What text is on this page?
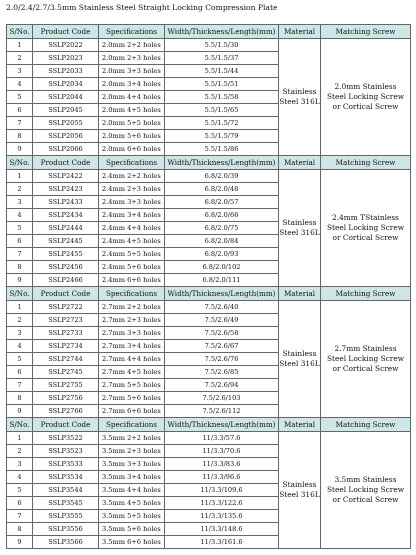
2.0/2.4/2.7/3.5mm Stainless Steel Straight Locking Compression Plate
S/No.	Product Code	Specifications	Width/Thickness/Length(mm)	Material	Matching Screw
1	SSLP2022	2.0mm 2+2 holes	5.5/1.5/30	Stainless Steel 316L	2.0mm Stainless Steel Locking Screw or Cortical Screw
2	SSLP2023	2.0mm 2+3 holes	5.5/1.5/37		
3	SSLP2033	2.0mm 3+3 holes	5.5/1.5/44		
4	SSLP2034	2.0mm 3+4 holes	5.5/1.5/51		
5	SSLP2044	2.0mm 4+4 holes	5.5/1.5/58		
6	SSLP2045	2.0mm 4+5 holes	5.5/1.5/65		
7	SSLP2055	2.0mm 5+5 holes	5.5/1.5/72		
8	SSLP2056	2.0mm 5+6 holes	5.5/1.5/79		
9	SSLP2066	2.0mm 6+6 holes	5.5/1.5/86		
S/No.	Product Code	Specifications	Width/Thickness/Length(mm)	Material	Matching Screw
1	SSLP2422	2.4mm 2+2 holes	6.8/2.0/39	Stainless Steel 316L	2.4mm TStainless Steel Locking Screw or Cortical Screw
2	SSLP2423	2.4mm 2+3 holes	6.8/2.0/48		
3	SSLP2433	2.4mm 3+3 holes	6.8/2.0/57		
4	SSLP2434	2.4mm 3+4 holes	6.8/2.0/66		
5	SSLP2444	2.4mm 4+4 holes	6.8/2.0/75		
6	SSLP2445	2.4mm 4+5 holes	6.8/2.0/84		
7	SSLP2455	2.4mm 5+5 holes	6.8/2.0/93		
8	SSLP2456	2.4mm 5+6 holes	6.8/2.0/102		
9	SSLP2466	2.4mm 6+6 holes	6.8/2.0/111		
S/No.	Product Code	Specifications	Width/Thickness/Length(mm)	Material	Matching Screw
1	SSLP2722	2.7mm 2+2 holes	7.5/2.6/40	Stainless Steel 316L	2.7mm Stainless Steel Locking Screw or Cortical Screw
2	SSLP2723	2.7mm 2+3 holes	7.5/2.6/49		
3	SSLP2733	2.7mm 3+3 holes	7.5/2.6/58		
4	SSLP2734	2.7mm 3+4 holes	7.5/2.6/67		
5	SSLP2744	2.7mm 4+4 holes	7.5/2.6/76		
6	SSLP2745	2.7mm 4+5 holes	7.5/2.6/85		
7	SSLP2755	2.7mm 5+5 holes	7.5/2.6/94		
8	SSLP2756	2.7mm 5+6 holes	7.5/2.6/103		
9	SSLP2766	2.7mm 6+6 holes	7.5/2.6/112		
S/No.	Product Code	Specifications	Width/Thickness/Length(mm)	Material	Matching Screw
1	SSLP3522	3.5mm 2+2 holes	11/3.3/57.6	Stainless Steel 316L	3.5mm Stainless Steel Locking Screw or Cortical Screw
2	SSLP3523	3.5mm 2+3 holes	11/3.3/70.6		
3	SSLP3533	3.5mm 3+3 holes	11/3.3/83.6		
4	SSLP3534	3.5mm 3+4 holes	11/3.3/96.6		
5	SSLP3544	3.5mm 4+4 holes	11/3.3/109.6		
6	SSLP3545	3.5mm 4+5 holes	11/3.3/122.6		
7	SSLP3555	3.5mm 5+5 holes	11/3.3/135.6		
8	SSLP3556	3.5mm 5+6 holes	11/3.3/148.6		
9	SSLP3566	3.5mm 6+6 holes	11/3.3/161.6		
